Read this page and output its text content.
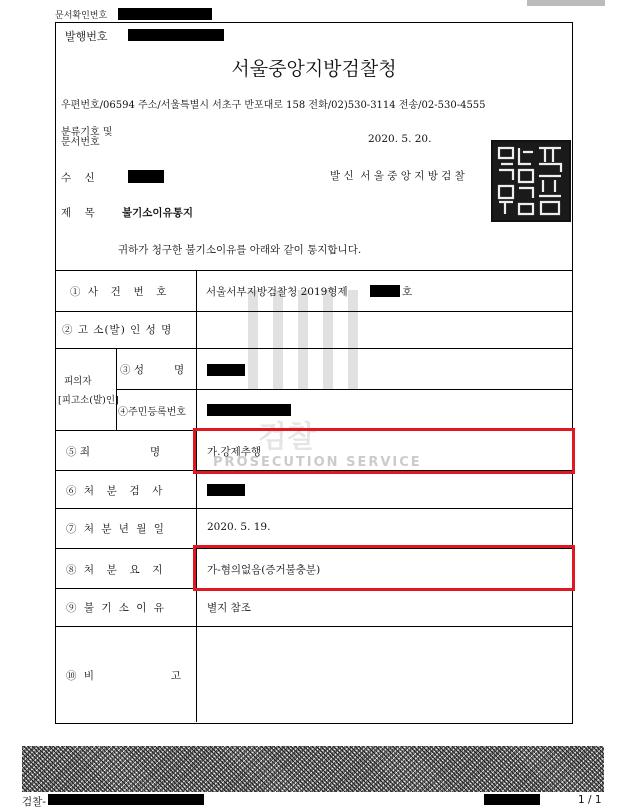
문서확인번호
발행번호
서울중앙지방검찰청
우편번호/06594 주소/서울특별시 서초구 반포대로 158 전화/02)530-3114 전송/02-530-4555
분류기호 및
문서번호	2020. 5. 20.
수    신	발 신  서 울 중 앙 지 방 검 찰
제    목	불기소이유통지
귀하가 청구한 불기소이유를 아래와 같이 통지합니다.
검찰
PROSECUTION SERVICE
① 사  건  번  호	서울서부지방검찰청 2019형제	호
② 고 소(발) 인 성 명
피의자
[피고소(발)인]
③ 성         명
④주민등록번호
⑤ 죄                  명	가.강제추행
⑥ 처  분  검  사
⑦ 처 분 년 월 일	2020. 5. 19.
⑧ 처  분  요  지	가-혐의없음(증거불충분)
⑨ 불 기 소 이 유	별지 참조
⑩ 비              고
검찰-	1 / 1
